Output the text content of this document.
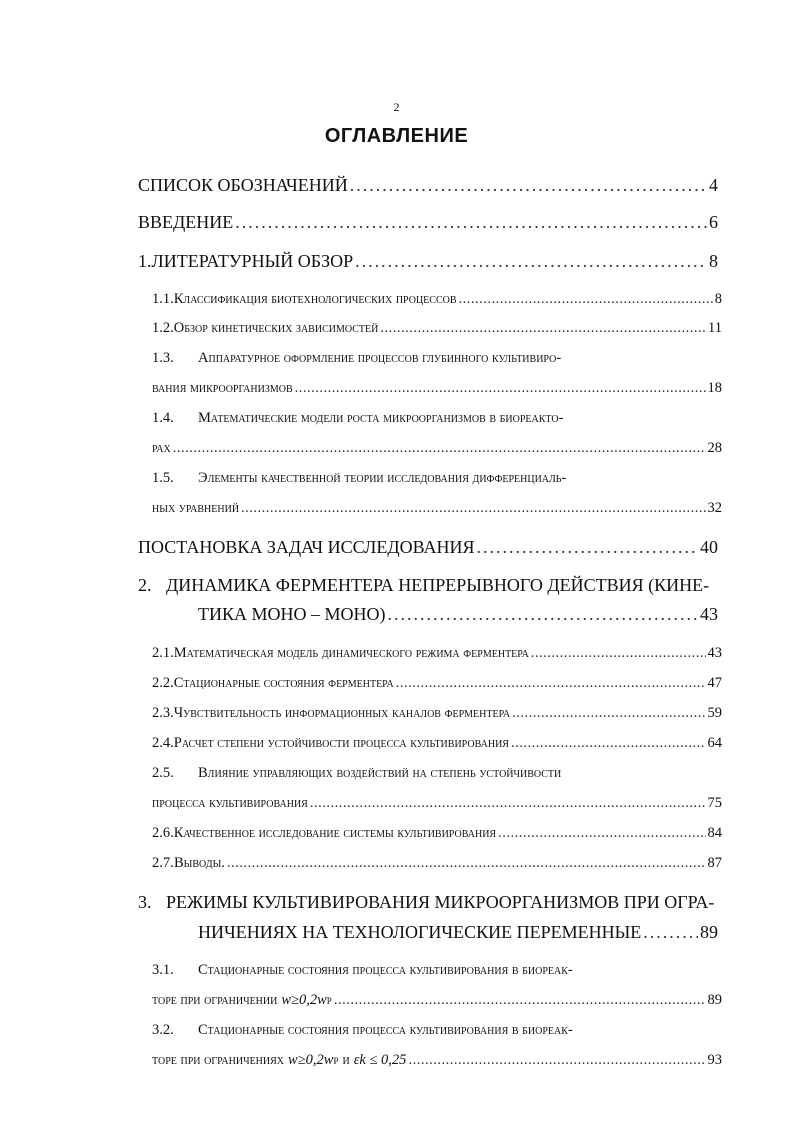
2
ОГЛАВЛЕНИЕ
СПИСОК ОБОЗНАЧЕНИЙ .....	4
ВВЕДЕНИЕ .....	6
1. ЛИТЕРАТУРНЫЙ ОБЗОР .....	8
1.1. Классификация биотехнологических процессов .....	8
1.2. Обзор кинетических зависимостей .....	11
1.3.	Аппаратурное оформление процессов глубинного культивиро-
вания микроорганизмов .....	18
1.4.	Математические модели роста микроорганизмов в биореакто-
рах .....	28
1.5.	Элементы качественной теории исследования дифференциаль-
ных уравнений .....	32
ПОСТАНОВКА ЗАДАЧ ИССЛЕДОВАНИЯ .....	40
2. ДИНАМИКА ФЕРМЕНТЕРА НЕПРЕРЫВНОГО ДЕЙСТВИЯ (КИНЕ-
ТИКА МОНО – МОНО) .....	43
2.1. Математическая модель динамического режима ферментера .....	43
2.2. Стационарные состояния ферментера .....	47
2.3. Чувствительность информационных каналов ферментера .....	59
2.4. Расчет степени устойчивости процесса культивирования .....	64
2.5.	Влияние управляющих воздействий на степень устойчивости
процесса культивирования .....	75
2.6. Качественное исследование системы культивирования .....	84
2.7. Выводы. .....	87
3. РЕЖИМЫ КУЛЬТИВИРОВАНИЯ МИКРООРГАНИЗМОВ ПРИ ОГРА-
НИЧЕНИЯХ НА ТЕХНОЛОГИЧЕСКИЕ ПЕРЕМЕННЫЕ .....	89
3.1.	Стационарные состояния процесса культивирования в биореак-
торе при ограничении w≥0,2w P .....	89
3.2.	Стационарные состояния процесса культивирования в биореак-
торе при ограничениях w≥0,2w P и εk ≤ 0,25 .....	93
